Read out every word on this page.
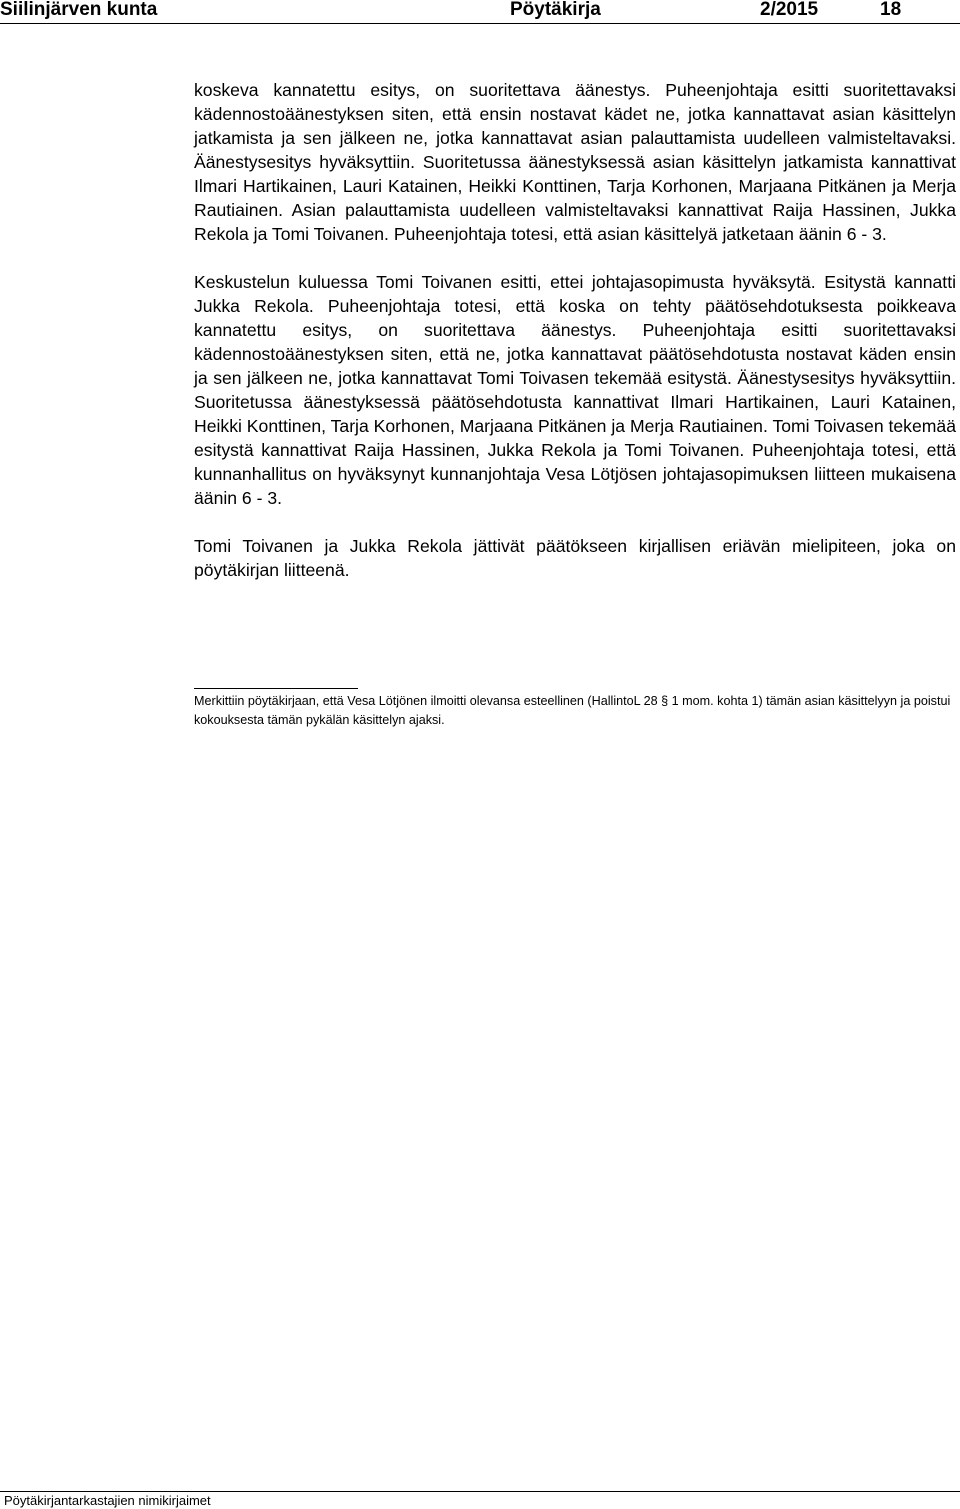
Siilinjärven kunta	Pöytäkirja	2/2015	18

koskeva kannatettu esitys, on suoritettava äänestys. Puheenjohtaja esitti suoritettavaksi kädennostoäänestyksen siten, että ensin nostavat kädet ne, jotka kannattavat asian käsittelyn jatkamista ja sen jälkeen ne, jotka kannattavat asian palauttamista uudelleen valmisteltavaksi. Äänestysesitys hyväksyttiin. Suoritetussa äänestyksessä asian käsittelyn jatkamista kannattivat Ilmari Hartikainen, Lauri Katainen, Heikki Konttinen, Tarja Korhonen, Marjaana Pitkänen ja Merja Rautiainen. Asian palauttamista uudelleen valmisteltavaksi kannattivat Raija Hassinen, Jukka Rekola ja Tomi Toivanen. Puheenjohtaja totesi, että asian käsittelyä jatketaan äänin 6 - 3.

Keskustelun kuluessa Tomi Toivanen esitti, ettei johtajasopimusta hyväksytä. Esitystä kannatti Jukka Rekola. Puheenjohtaja totesi, että koska on tehty päätösehdotuksesta poikkeava kannatettu esitys, on suoritettava äänestys. Puheenjohtaja esitti suoritettavaksi kädennostoäänestyksen siten, että ne, jotka kannattavat päätösehdotusta nostavat käden ensin ja sen jälkeen ne, jotka kannattavat Tomi Toivasen tekemää esitystä. Äänestysesitys hyväksyttiin. Suoritetussa äänestyksessä päätösehdotusta kannattivat Ilmari Hartikainen, Lauri Katainen, Heikki Konttinen, Tarja Korhonen, Marjaana Pitkänen ja Merja Rautiainen. Tomi Toivasen tekemää esitystä kannattivat Raija Hassinen, Jukka Rekola ja Tomi Toivanen. Puheenjohtaja totesi, että kunnanhallitus on hyväksynyt kunnanjohtaja Vesa Lötjösen johtajasopimuksen liitteen mukaisena äänin 6 - 3.

Tomi Toivanen ja Jukka Rekola jättivät päätökseen kirjallisen eriävän mielipiteen, joka on pöytäkirjan liitteenä.

Merkittiin pöytäkirjaan, että Vesa Lötjönen ilmoitti olevansa esteellinen (HallintoL 28 § 1 mom. kohta 1) tämän asian käsittelyyn ja poistui kokouksesta tämän pykälän käsittelyn ajaksi.

Pöytäkirjantarkastajien nimikirjaimet
